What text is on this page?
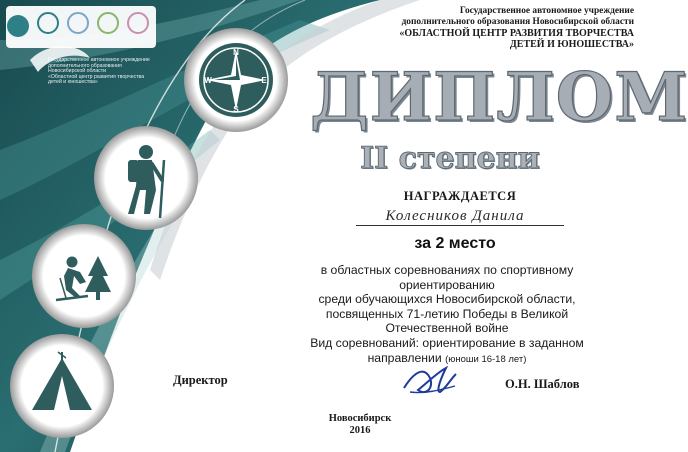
N
S
W	E
Государственное автономное учреждение
дополнительного образования Новосибирской области
«ОБЛАСТНОЙ ЦЕНТР РАЗВИТИЯ ТВОРЧЕСТВА
ДЕТЕЙ И ЮНОШЕСТВА»
Государственное автономное учреждение
дополнительного образования
Новосибирской области
«Областной центр развития творчества
детей и юношества»	ДИПЛОМ
II степени
НАГРАЖДАЕТСЯ
Колесников Данила
за 2 место
в областных соревнованиях по спортивному
ориентированию
среди обучающихся Новосибирской области,
посвященных 71-летию Победы в Великой
Отечественной войне
Вид соревнований: ориентирование в заданном
направлении (юноши 16-18 лет)
Директор	О.Н. Шаблов
Новосибирск
2016
